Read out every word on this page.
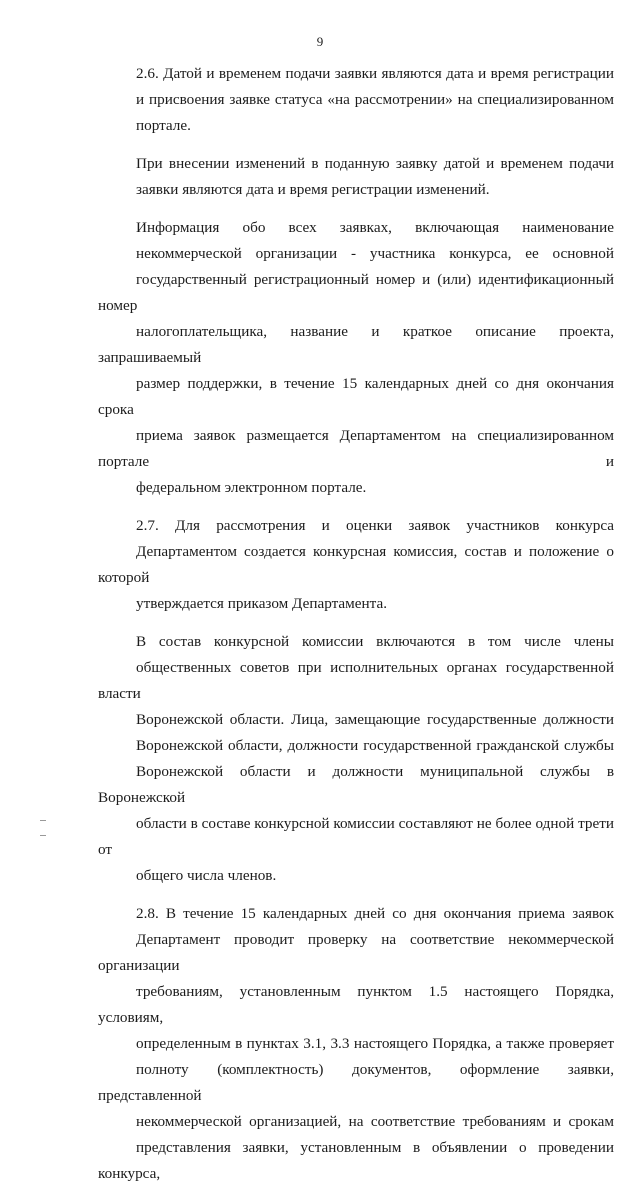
9

2.6. Датой и временем подачи заявки являются дата и время регистрации
и присвоения заявке статуса «на рассмотрении» на специализированном
портале.

При внесении изменений в поданную заявку датой и временем подачи
заявки являются дата и время регистрации изменений.

Информация обо всех заявках, включающая наименование
некоммерческой организации - участника конкурса, ее основной
государственный регистрационный номер и (или) идентификационный номер
налогоплательщика, название и краткое описание проекта, запрашиваемый
размер поддержки, в течение 15 календарных дней со дня окончания срока
приема заявок размещается Департаментом на специализированном портале и
федеральном электронном портале.

2.7. Для рассмотрения и оценки заявок участников конкурса
Департаментом создается конкурсная комиссия, состав и положение о которой
утверждается приказом Департамента.

В состав конкурсной комиссии включаются в том числе члены
общественных советов при исполнительных органах государственной власти
Воронежской области. Лица, замещающие государственные должности
Воронежской области, должности государственной гражданской службы
Воронежской области и должности муниципальной службы в Воронежской
области в составе конкурсной комиссии составляют не более одной трети от
общего числа членов.

2.8. В течение 15 календарных дней со дня окончания приема заявок
Департамент проводит проверку на соответствие некоммерческой организации
требованиям, установленным пунктом 1.5 настоящего Порядка, условиям,
определенным в пунктах 3.1, 3.3 настоящего Порядка, а также проверяет
полноту (комплектность) документов, оформление заявки, представленной
некоммерческой организацией, на соответствие требованиям и срокам
представления заявки, установленным в объявлении о проведении конкурса,
